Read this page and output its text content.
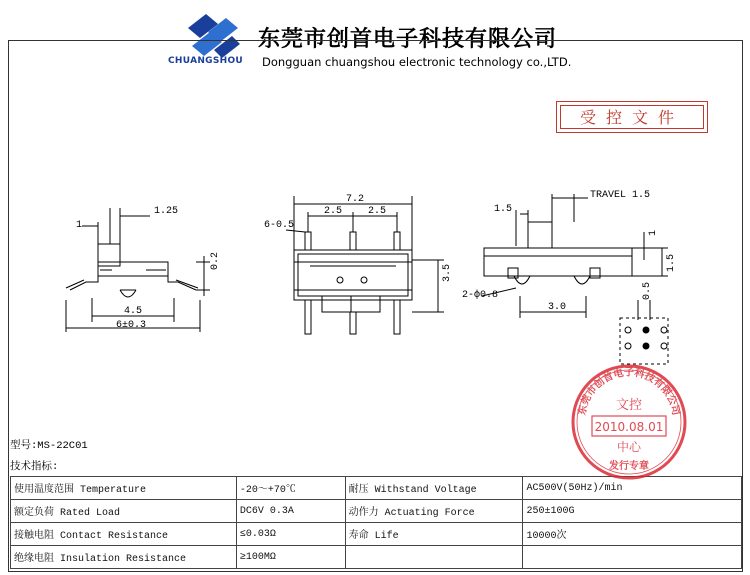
CHUANGSHOU
东莞市创首电子科技有限公司
Dongguan chuangshou electronic technology co.,LTD.
受控文件
1
1.25
0.2
4.5
6±0.3
7.2
6-0.5
2.5	2.5
3.5
TRAVEL 1.5
1.5
1
1.5
2-ф0.8
3.0
0.5
型号:MS-22C01
技术指标:
使用温度范围 Temperature	-20～+70℃	耐压 Withstand Voltage	AC500V(50Hz)/min
额定负荷 Rated Load	DC6V 0.3A	动作力 Actuating Force	250±100G
接触电阻 Contact Resistance	≤0.03Ω	寿命 Life	10000次
绝缘电阻 Insulation Resistance	≥100MΩ		
东莞市创首电子科技有限公司
文控
2010.08.01
中心
发行专章
